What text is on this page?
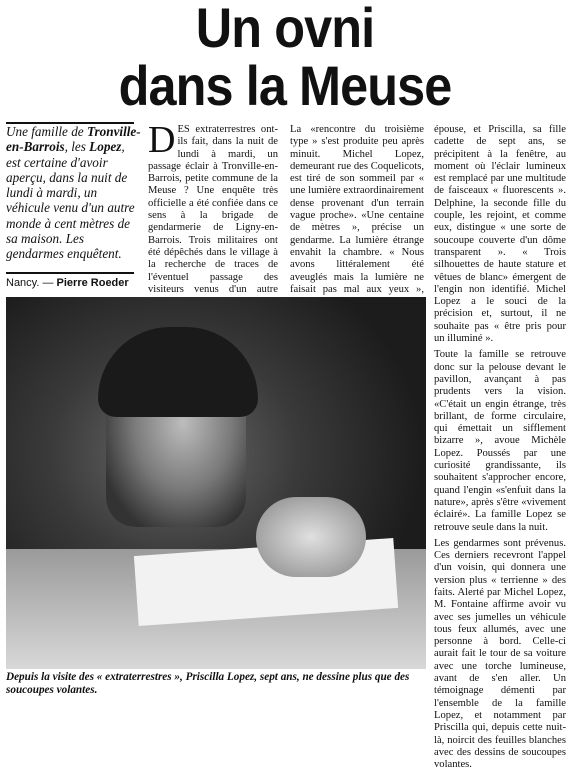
Un ovni
dans la Meuse
Une famille de Tronville-en-Barrois, les Lopez, est certaine d'avoir aperçu, dans la nuit de lundi à mardi, un véhicule venu d'un autre monde à cent mètres de sa maison. Les gendarmes enquêtent.
Nancy. — Pierre Roeder

DES extraterrestres ont-ils fait, dans la nuit de lundi à mardi, un passage éclair à Tronville-en-Barrois, petite commune de la Meuse ? Une enquête très officielle a été confiée dans ce sens à la brigade de gendarmerie de Ligny-en-Barrois. Trois militaires ont été dépêchés dans le village à la recherche de traces de l'éventuel passage des visiteurs venus d'un autre

La «rencontre du troisième type » s'est produite peu après minuit. Michel Lopez, demeurant rue des Coquelicots, est tiré de son sommeil par « une lumière extraordinairement dense provenant d'un terrain vague proche». «Une centaine de mètres », précise un gendarme. La lumière étrange envahit la chambre. « Nous avons littéralement été aveuglés mais la lumière ne faisait pas mal aux yeux »,

épouse, et Priscilla, sa fille cadette de sept ans, se précipitent à la fenêtre, au moment où l'éclair lumineux est remplacé par une multitude de faisceaux « fluorescents ». Delphine, la seconde fille du couple, les rejoint, et comme eux, distingue « une sorte de soucoupe couverte d'un dôme transparent ». « Trois silhouettes de haute stature et vêtues de blanc» émergent de l'engin non identifié. Michel Lopez a le souci de la précision et, surtout, il ne souhaite pas « être pris pour un illuminé ».

Toute la famille se retrouve donc sur la pelouse devant le pavillon, avançant à pas prudents vers la vision. «C'était un engin étrange, très brillant, de forme circulaire, qui émettait un sifflement bizarre », avoue Michèle Lopez. Poussés par une curiosité grandissante, ils souhaitent s'approcher encore, quand l'engin «s'enfuit dans la nature», après s'être «vivement éclairé». La famille Lopez se retrouve seule dans la nuit.

Les gendarmes sont prévenus. Ces derniers recevront l'appel d'un voisin, qui donnera une version plus « terrienne » des faits. Alerté par Michel Lopez, M. Fontaine affirme avoir vu avec ses jumelles un véhicule tous feux allumés, avec une personne à bord. Celle-ci aurait fait le tour de sa voiture avec une torche lumineuse, avant de s'en aller. Un témoignage démenti par l'ensemble de la famille Lopez, et notamment par Priscilla qui, depuis cette nuit-là, noircit des feuilles blanches avec des dessins de soucoupes volantes.

Depuis la visite des « extraterrestres », Priscilla Lopez, sept ans, ne dessine plus que des soucoupes volantes.
